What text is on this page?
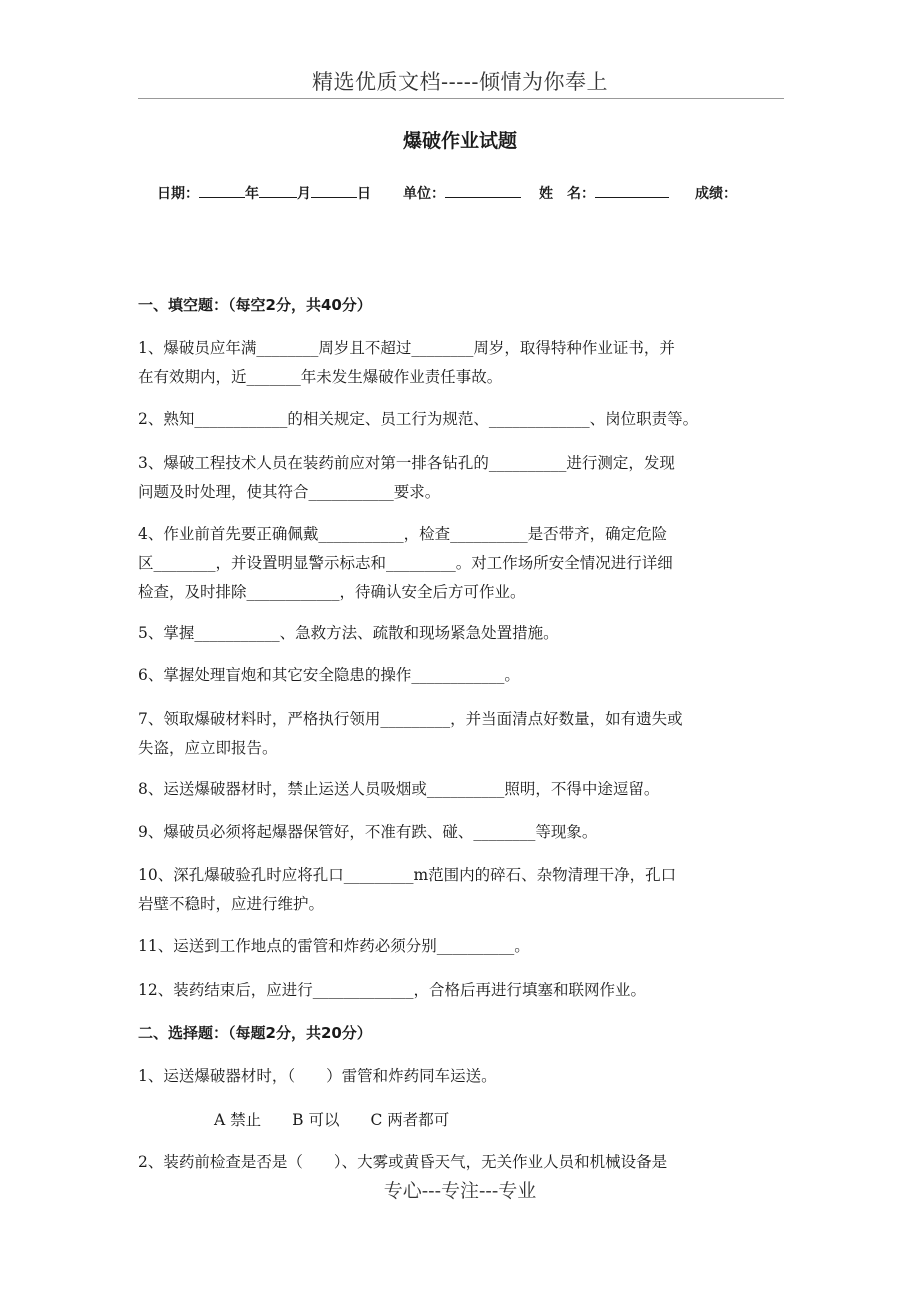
精选优质文档-----倾情为你奉上
爆破作业试题
日期：	年	月	日 单位：	姓　名：	成绩：
一、填空题：（每空2分，共40分）
1、爆破员应年满________周岁且不超过________周岁，取得特种作业证书，并
在有效期内，近_______年未发生爆破作业责任事故。
2、熟知____________的相关规定、员工行为规范、_____________、岗位职责等。
3、爆破工程技术人员在装药前应对第一排各钻孔的__________进行测定，发现
问题及时处理，使其符合___________要求。
4、作业前首先要正确佩戴___________，检查__________是否带齐，确定危险
区________，并设置明显警示标志和_________。对工作场所安全情况进行详细
检查，及时排除____________，待确认安全后方可作业。
5、掌握___________、急救方法、疏散和现场紧急处置措施。
6、掌握处理盲炮和其它安全隐患的操作____________。
7、领取爆破材料时，严格执行领用_________，并当面清点好数量，如有遗失或
失盗，应立即报告。
8、运送爆破器材时，禁止运送人员吸烟或__________照明，不得中途逗留。
9、爆破员必须将起爆器保管好，不准有跌、碰、________等现象。
10、深孔爆破验孔时应将孔口_________m范围内的碎石、杂物清理干净，孔口
岩壁不稳时，应进行维护。
11、运送到工作地点的雷管和炸药必须分别__________。
12、装药结束后，应进行_____________，合格后再进行填塞和联网作业。
二、选择题：（每题2分，共20分）
1、运送爆破器材时，（　　）雷管和炸药同车运送。
A 禁止　　B 可以　　C 两者都可
2、装药前检查是否是（　　）、大雾或黄昏天气，无关作业人员和机械设备是
专心---专注---专业
